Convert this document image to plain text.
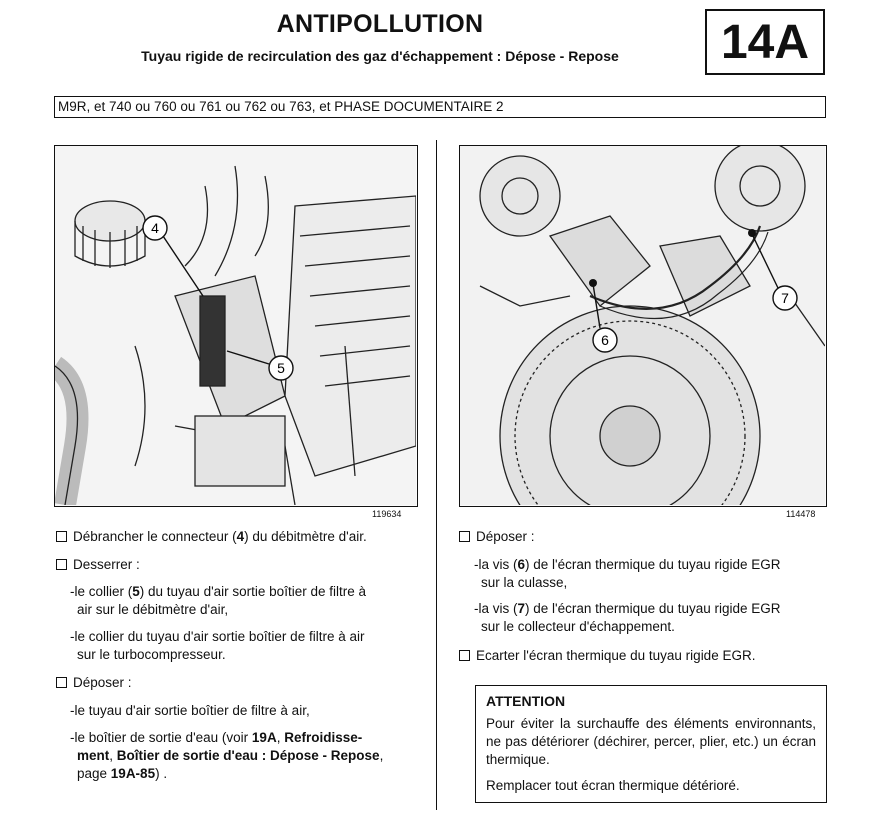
ANTIPOLLUTION
Tuyau rigide de recirculation des gaz d'échappement : Dépose - Repose	14A
M9R, et 740 ou 760 ou 761 ou 762 ou 763, et PHASE DOCUMENTAIRE 2
4
5
119634
6
7
114478
Débrancher le connecteur (4) du débitmètre d'air.
Desserrer :
-le collier (5) du tuyau d'air sortie boîtier de filtre à
air sur le débitmètre d'air,
-le collier du tuyau d'air sortie boîtier de filtre à air
sur le turbocompresseur.
Déposer :
-le tuyau d'air sortie boîtier de filtre à air,
-le boîtier de sortie d'eau (voir 19A, Refroidisse-
ment, Boîtier de sortie d'eau : Dépose - Repose,
page 19A-85) .
Déposer :
-la vis (6) de l'écran thermique du tuyau rigide EGR
sur la culasse,
-la vis (7) de l'écran thermique du tuyau rigide EGR
sur le collecteur d'échappement.
Ecarter l'écran thermique du tuyau rigide EGR.
ATTENTION
Pour éviter la surchauffe des éléments environnants, ne pas détériorer (déchirer, percer, plier, etc.) un écran thermique.
Remplacer tout écran thermique détérioré.
